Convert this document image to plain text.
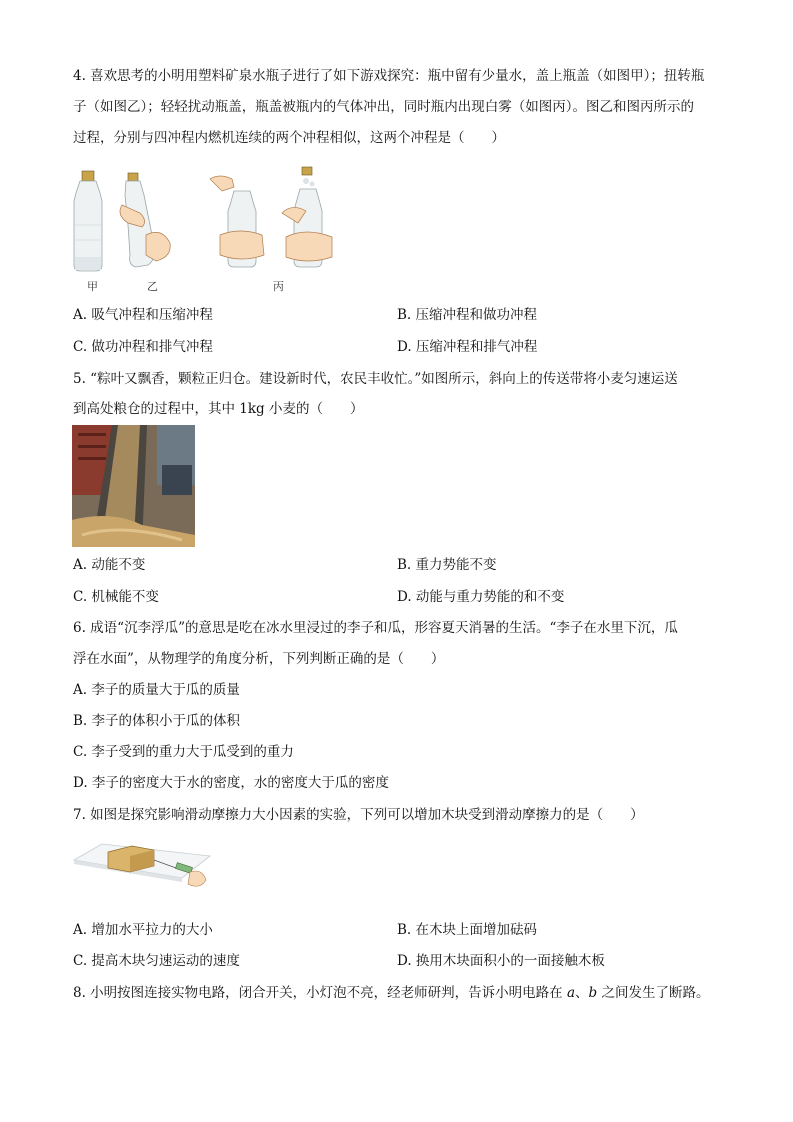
4. 喜欢思考的小明用塑料矿泉水瓶子进行了如下游戏探究：瓶中留有少量水，盖上瓶盖（如图甲）；扭转瓶
子（如图乙）；轻轻扰动瓶盖，瓶盖被瓶内的气体冲出，同时瓶内出现白雾（如图丙）。图乙和图丙所示的
过程，分别与四冲程内燃机连续的两个冲程相似，这两个冲程是（　　）
甲	乙	丙
A. 吸气冲程和压缩冲程	B. 压缩冲程和做功冲程
C. 做功冲程和排气冲程	D. 压缩冲程和排气冲程
5. “粽叶又飘香，颗粒正归仓。建设新时代，农民丰收忙。”如图所示，斜向上的传送带将小麦匀速运送
到高处粮仓的过程中，其中 1kg 小麦的（　　）
A. 动能不变	B. 重力势能不变
C. 机械能不变	D. 动能与重力势能的和不变
6. 成语“沉李浮瓜”的意思是吃在冰水里浸过的李子和瓜，形容夏天消暑的生活。“李子在水里下沉，瓜
浮在水面”，从物理学的角度分析，下列判断正确的是（　　）
A. 李子的质量大于瓜的质量
B. 李子的体积小于瓜的体积
C. 李子受到的重力大于瓜受到的重力
D. 李子的密度大于水的密度，水的密度大于瓜的密度
7. 如图是探究影响滑动摩擦力大小因素的实验，下列可以增加木块受到滑动摩擦力的是（　　）
A. 增加水平拉力的大小	B. 在木块上面增加砝码
C. 提高木块匀速运动的速度	D. 换用木块面积小的一面接触木板
8. 小明按图连接实物电路，闭合开关，小灯泡不亮，经老师研判，告诉小明电路在 a、b 之间发生了断路。
